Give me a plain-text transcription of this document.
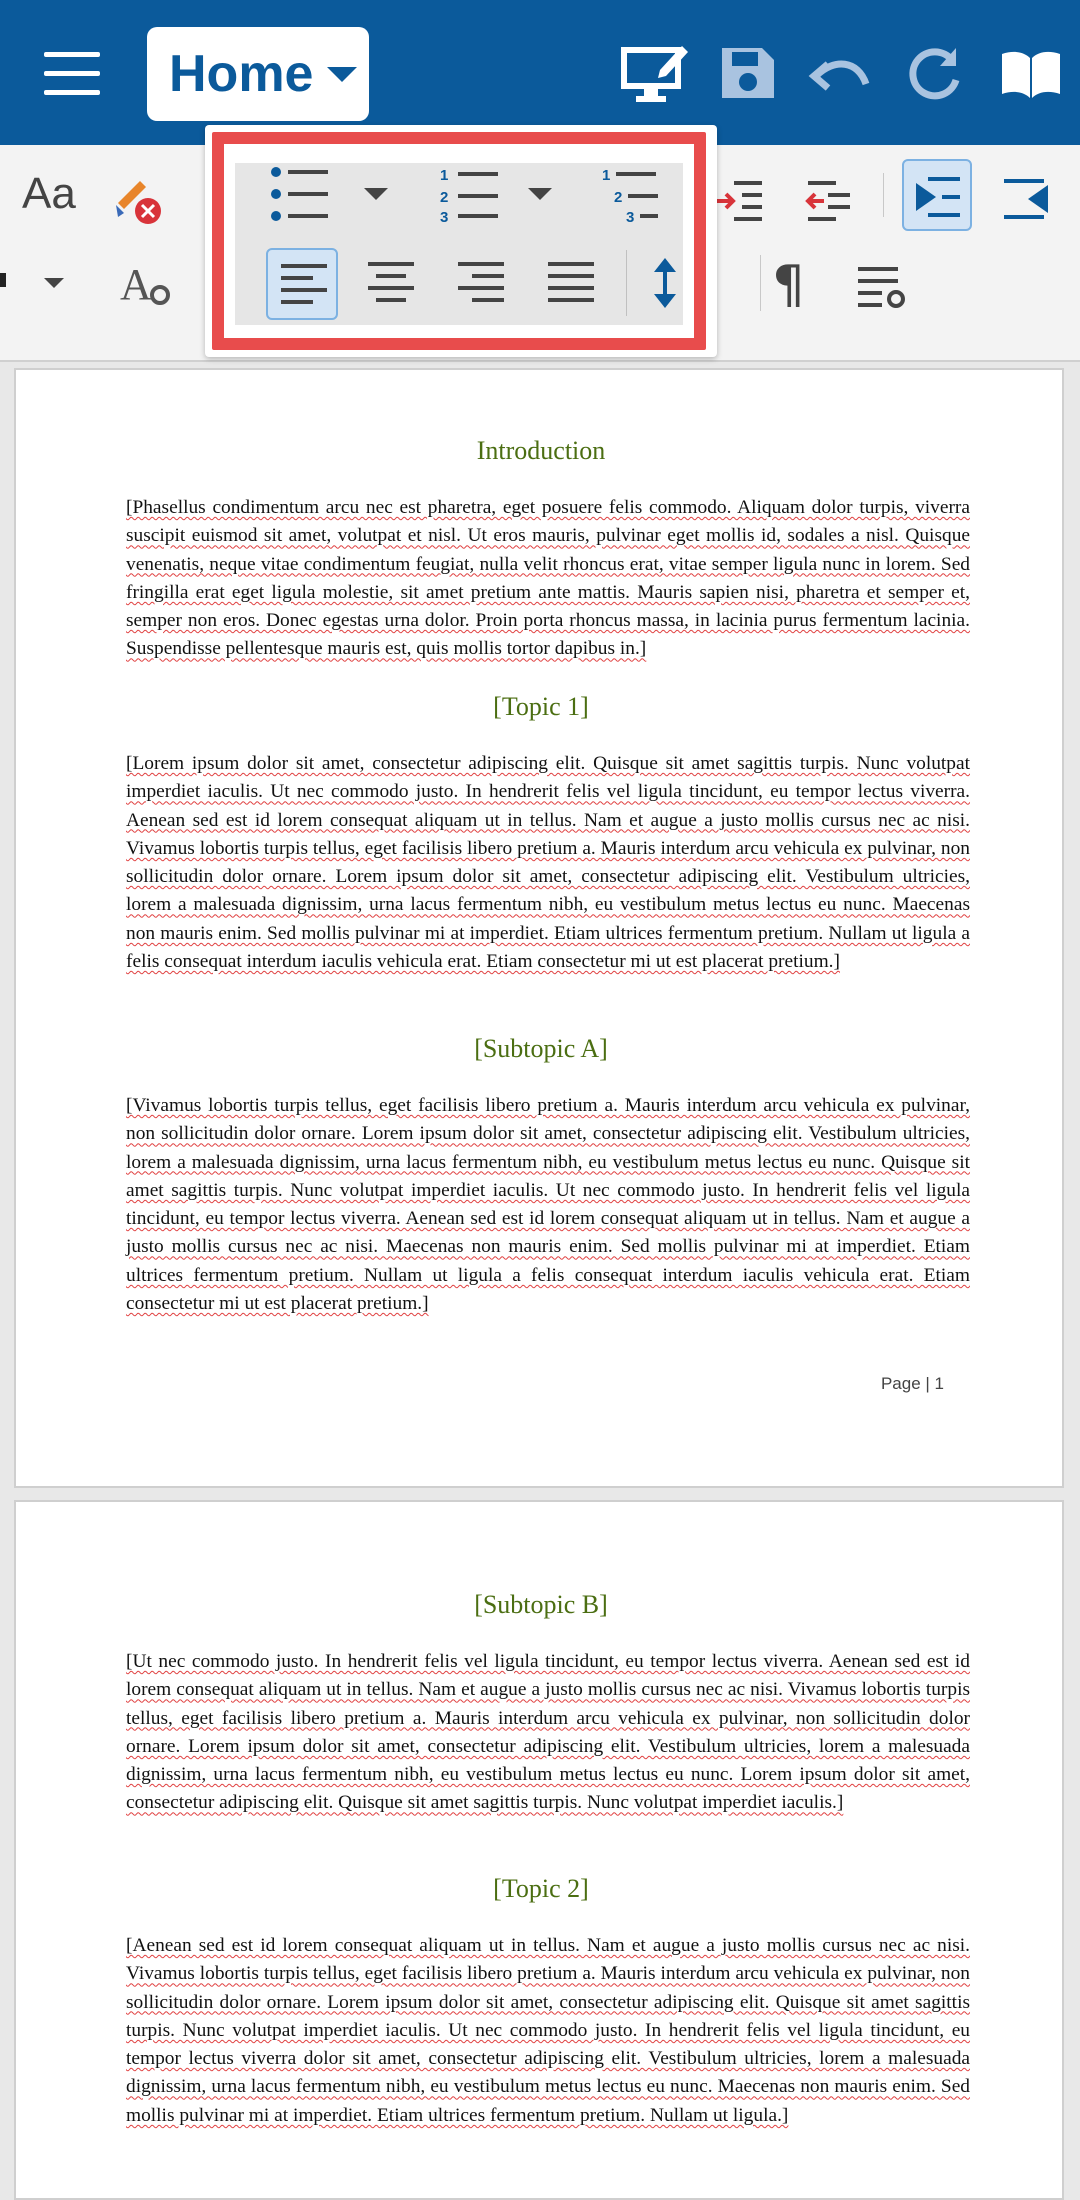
Home
Aa
A	¶
1
2
3
1
2
3
Introduction
[Phasellus condimentum arcu nec est pharetra, eget posuere felis commodo. Aliquam dolor turpis, viverra suscipit euismod sit amet, volutpat et nisl. Ut eros mauris, pulvinar eget mollis id, sodales a nisl. Quisque venenatis, neque vitae condimentum feugiat, nulla velit rhoncus erat, vitae semper ligula nunc in lorem. Sed fringilla erat eget ligula molestie, sit amet pretium ante mattis. Mauris sapien nisi, pharetra et semper et, semper non eros. Donec egestas urna dolor. Proin porta rhoncus massa, in lacinia purus fermentum lacinia. Suspendisse pellentesque mauris est, quis mollis tortor dapibus in.]
[Topic 1]
[Lorem ipsum dolor sit amet, consectetur adipiscing elit. Quisque sit amet sagittis turpis. Nunc volutpat imperdiet iaculis. Ut nec commodo justo. In hendrerit felis vel ligula tincidunt, eu tempor lectus viverra. Aenean sed est id lorem consequat aliquam ut in tellus. Nam et augue a justo mollis cursus nec ac nisi. Vivamus lobortis turpis tellus, eget facilisis libero pretium a. Mauris interdum arcu vehicula ex pulvinar, non sollicitudin dolor ornare. Lorem ipsum dolor sit amet, consectetur adipiscing elit. Vestibulum ultricies, lorem a malesuada dignissim, urna lacus fermentum nibh, eu vestibulum metus lectus eu nunc. Maecenas non mauris enim. Sed mollis pulvinar mi at imperdiet. Etiam ultrices fermentum pretium. Nullam ut ligula a felis consequat interdum iaculis vehicula erat. Etiam consectetur mi ut est placerat pretium.]
[Subtopic A]
[Vivamus lobortis turpis tellus, eget facilisis libero pretium a. Mauris interdum arcu vehicula ex pulvinar, non sollicitudin dolor ornare. Lorem ipsum dolor sit amet, consectetur adipiscing elit. Vestibulum ultricies, lorem a malesuada dignissim, urna lacus fermentum nibh, eu vestibulum metus lectus eu nunc. Quisque sit amet sagittis turpis. Nunc volutpat imperdiet iaculis. Ut nec commodo justo. In hendrerit felis vel ligula tincidunt, eu tempor lectus viverra. Aenean sed est id lorem consequat aliquam ut in tellus. Nam et augue a justo mollis cursus nec ac nisi. Maecenas non mauris enim. Sed mollis pulvinar mi at imperdiet. Etiam ultrices fermentum pretium. Nullam ut ligula a felis consequat interdum iaculis vehicula erat. Etiam consectetur mi ut est placerat pretium.]
Page | 1
[Subtopic B]
[Ut nec commodo justo. In hendrerit felis vel ligula tincidunt, eu tempor lectus viverra. Aenean sed est id lorem consequat aliquam ut in tellus. Nam et augue a justo mollis cursus nec ac nisi. Vivamus lobortis turpis tellus, eget facilisis libero pretium a. Mauris interdum arcu vehicula ex pulvinar, non sollicitudin dolor ornare. Lorem ipsum dolor sit amet, consectetur adipiscing elit. Vestibulum ultricies, lorem a malesuada dignissim, urna lacus fermentum nibh, eu vestibulum metus lectus eu nunc. Lorem ipsum dolor sit amet, consectetur adipiscing elit. Quisque sit amet sagittis turpis. Nunc volutpat imperdiet iaculis.]
[Topic 2]
[Aenean sed est id lorem consequat aliquam ut in tellus. Nam et augue a justo mollis cursus nec ac nisi. Vivamus lobortis turpis tellus, eget facilisis libero pretium a. Mauris interdum arcu vehicula ex pulvinar, non sollicitudin dolor ornare. Lorem ipsum dolor sit amet, consectetur adipiscing elit. Quisque sit amet sagittis turpis. Nunc volutpat imperdiet iaculis. Ut nec commodo justo. In hendrerit felis vel ligula tincidunt, eu tempor lectus viverra dolor sit amet, consectetur adipiscing elit. Vestibulum ultricies, lorem a malesuada dignissim, urna lacus fermentum nibh, eu vestibulum metus lectus eu nunc. Maecenas non mauris enim. Sed mollis pulvinar mi at imperdiet. Etiam ultrices fermentum pretium. Nullam ut ligula.]
